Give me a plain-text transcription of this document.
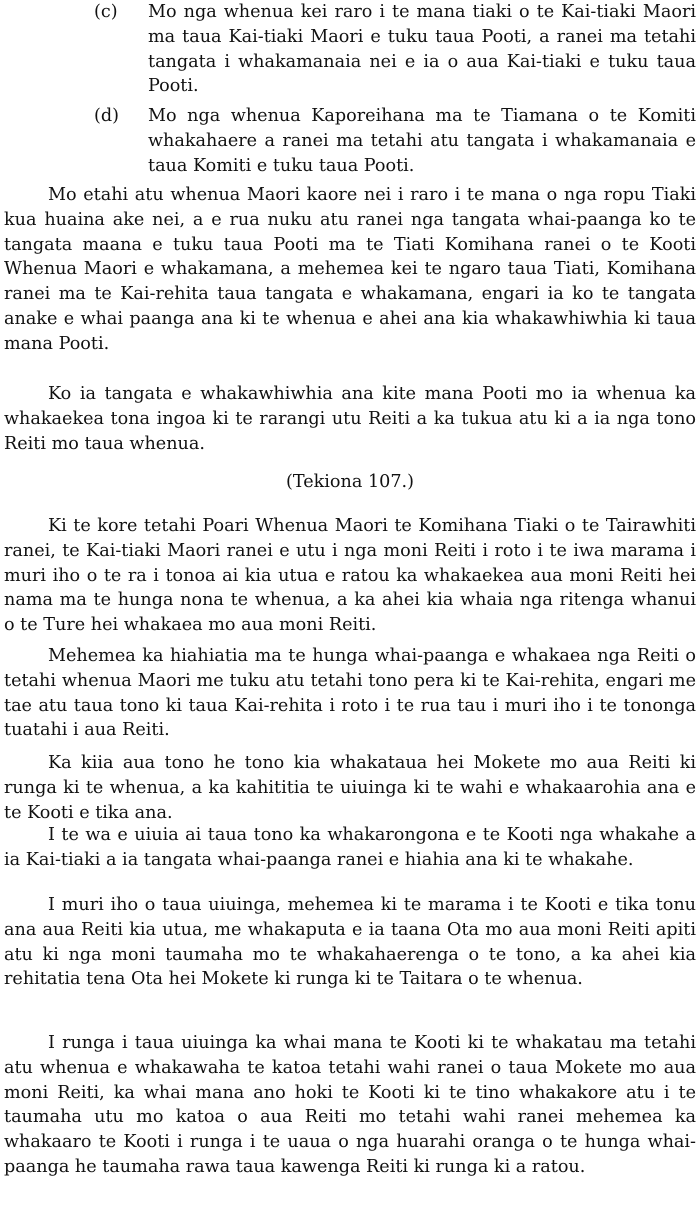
(c)	Mo nga whenua kei raro i te mana tiaki o te Kai-tiaki Maori ma taua Kai-tiaki Maori e tuku taua Pooti, a ranei ma tetahi tangata i whakamanaia nei e ia o aua Kai-tiaki e tuku taua Pooti.
(d)	Mo nga whenua Kaporeihana ma te Tiamana o te Komiti whakahaere a ranei ma tetahi atu tangata i whakamanaia e taua Komiti e tuku taua Pooti.

Mo etahi atu whenua Maori kaore nei i raro i te mana o nga ropu Tiaki kua huaina ake nei, a e rua nuku atu ranei nga tangata whai-paanga ko te tangata maana e tuku taua Pooti ma te Tiati Komihana ranei o te Kooti Whenua Maori e whakamana, a mehemea kei te ngaro taua Tiati, Komihana ranei ma te Kai-rehita taua tangata e whakamana, engari ia ko te tangata anake e whai paanga ana ki te whenua e ahei ana kia whakawhiwhia ki taua mana Pooti.

Ko ia tangata e whakawhiwhia ana kite mana Pooti mo ia whenua ka whakaekea tona ingoa ki te rarangi utu Reiti a ka tukua atu ki a ia nga tono Reiti mo taua whenua.

(Tekiona 107.)

Ki te kore tetahi Poari Whenua Maori te Komihana Tiaki o te Tairawhiti ranei, te Kai-tiaki Maori ranei e utu i nga moni Reiti i roto i te iwa marama i muri iho o te ra i tonoa ai kia utua e ratou ka whakaekea aua moni Reiti hei nama ma te hunga nona te whenua, a ka ahei kia whaia nga ritenga whanui o te Ture hei whakaea mo aua moni Reiti.

Mehemea ka hiahiatia ma te hunga whai-paanga e whakaea nga Reiti o tetahi whenua Maori me tuku atu tetahi tono pera ki te Kai-rehita, engari me tae atu taua tono ki taua Kai-rehita i roto i te rua tau i muri iho i te tononga tuatahi i aua Reiti.

Ka kiia aua tono he tono kia whakataua hei Mokete mo aua Reiti ki runga ki te whenua, a ka kahititia te uiuinga ki te wahi e whakaarohia ana e te Kooti e tika ana.

I te wa e uiuia ai taua tono ka whakarongona e te Kooti nga whakahe a ia Kai-tiaki a ia tangata whai-paanga ranei e hiahia ana ki te whakahe.

I muri iho o taua uiuinga, mehemea ki te marama i te Kooti e tika tonu ana aua Reiti kia utua, me whakaputa e ia taana Ota mo aua moni Reiti apiti atu ki nga moni taumaha mo te whakahaerenga o te tono, a ka ahei kia rehitatia tena Ota hei Mokete ki runga ki te Taitara o te whenua.

I runga i taua uiuinga ka whai mana te Kooti ki te whakatau ma tetahi atu whenua e whakawaha te katoa tetahi wahi ranei o taua Mokete mo aua moni Reiti, ka whai mana ano hoki te Kooti ki te tino whakakore atu i te taumaha utu mo katoa o aua Reiti mo tetahi wahi ranei mehemea ka whakaaro te Kooti i runga i te uaua o nga huarahi oranga o te hunga whai-paanga he taumaha rawa taua kawenga Reiti ki runga ki a ratou.
